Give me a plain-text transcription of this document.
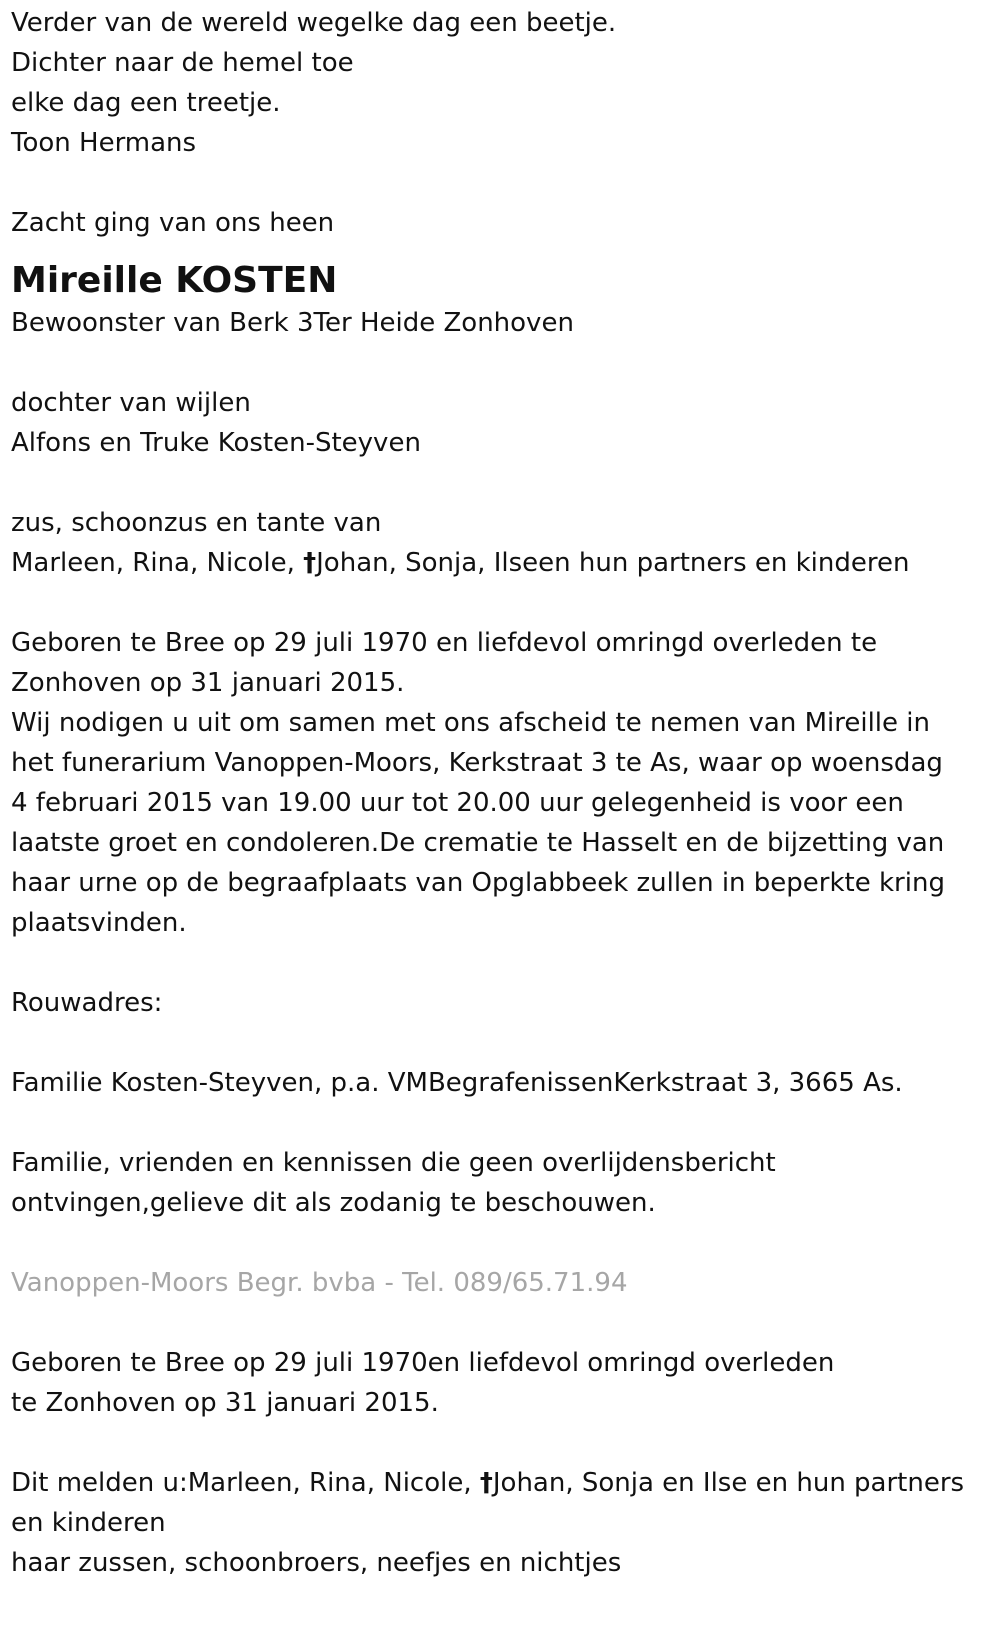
Verder van de wereld wegelke dag een beetje.
Dichter naar de hemel toe
elke dag een treetje.
Toon Hermans
Zacht ging van ons heen
Mireille KOSTEN
Bewoonster van Berk 3Ter Heide Zonhoven
dochter van wijlen
Alfons en Truke Kosten-Steyven
zus, schoonzus en tante van
Marleen, Rina, Nicole, †Johan, Sonja, Ilseen hun partners en kinderen
Geboren te Bree op 29 juli 1970 en liefdevol omringd overleden te
Zonhoven op 31 januari 2015.
Wij nodigen u uit om samen met ons afscheid te nemen van Mireille in
het funerarium Vanoppen-Moors, Kerkstraat 3 te As, waar op woensdag
4 februari 2015 van 19.00 uur tot 20.00 uur gelegenheid is voor een
laatste groet en condoleren.De crematie te Hasselt en de bijzetting van
haar urne op de begraafplaats van Opglabbeek zullen in beperkte kring
plaatsvinden.
Rouwadres:
Familie Kosten-Steyven, p.a. VMBegrafenissenKerkstraat 3, 3665 As.
Familie, vrienden en kennissen die geen overlijdensbericht
ontvingen,gelieve dit als zodanig te beschouwen.
Vanoppen-Moors Begr. bvba - Tel. 089/65.71.94
Geboren te Bree op 29 juli 1970en liefdevol omringd overleden
te Zonhoven op 31 januari 2015.
Dit melden u:Marleen, Rina, Nicole, †Johan, Sonja en Ilse en hun partners
en kinderen
haar zussen, schoonbroers, neefjes en nichtjes
